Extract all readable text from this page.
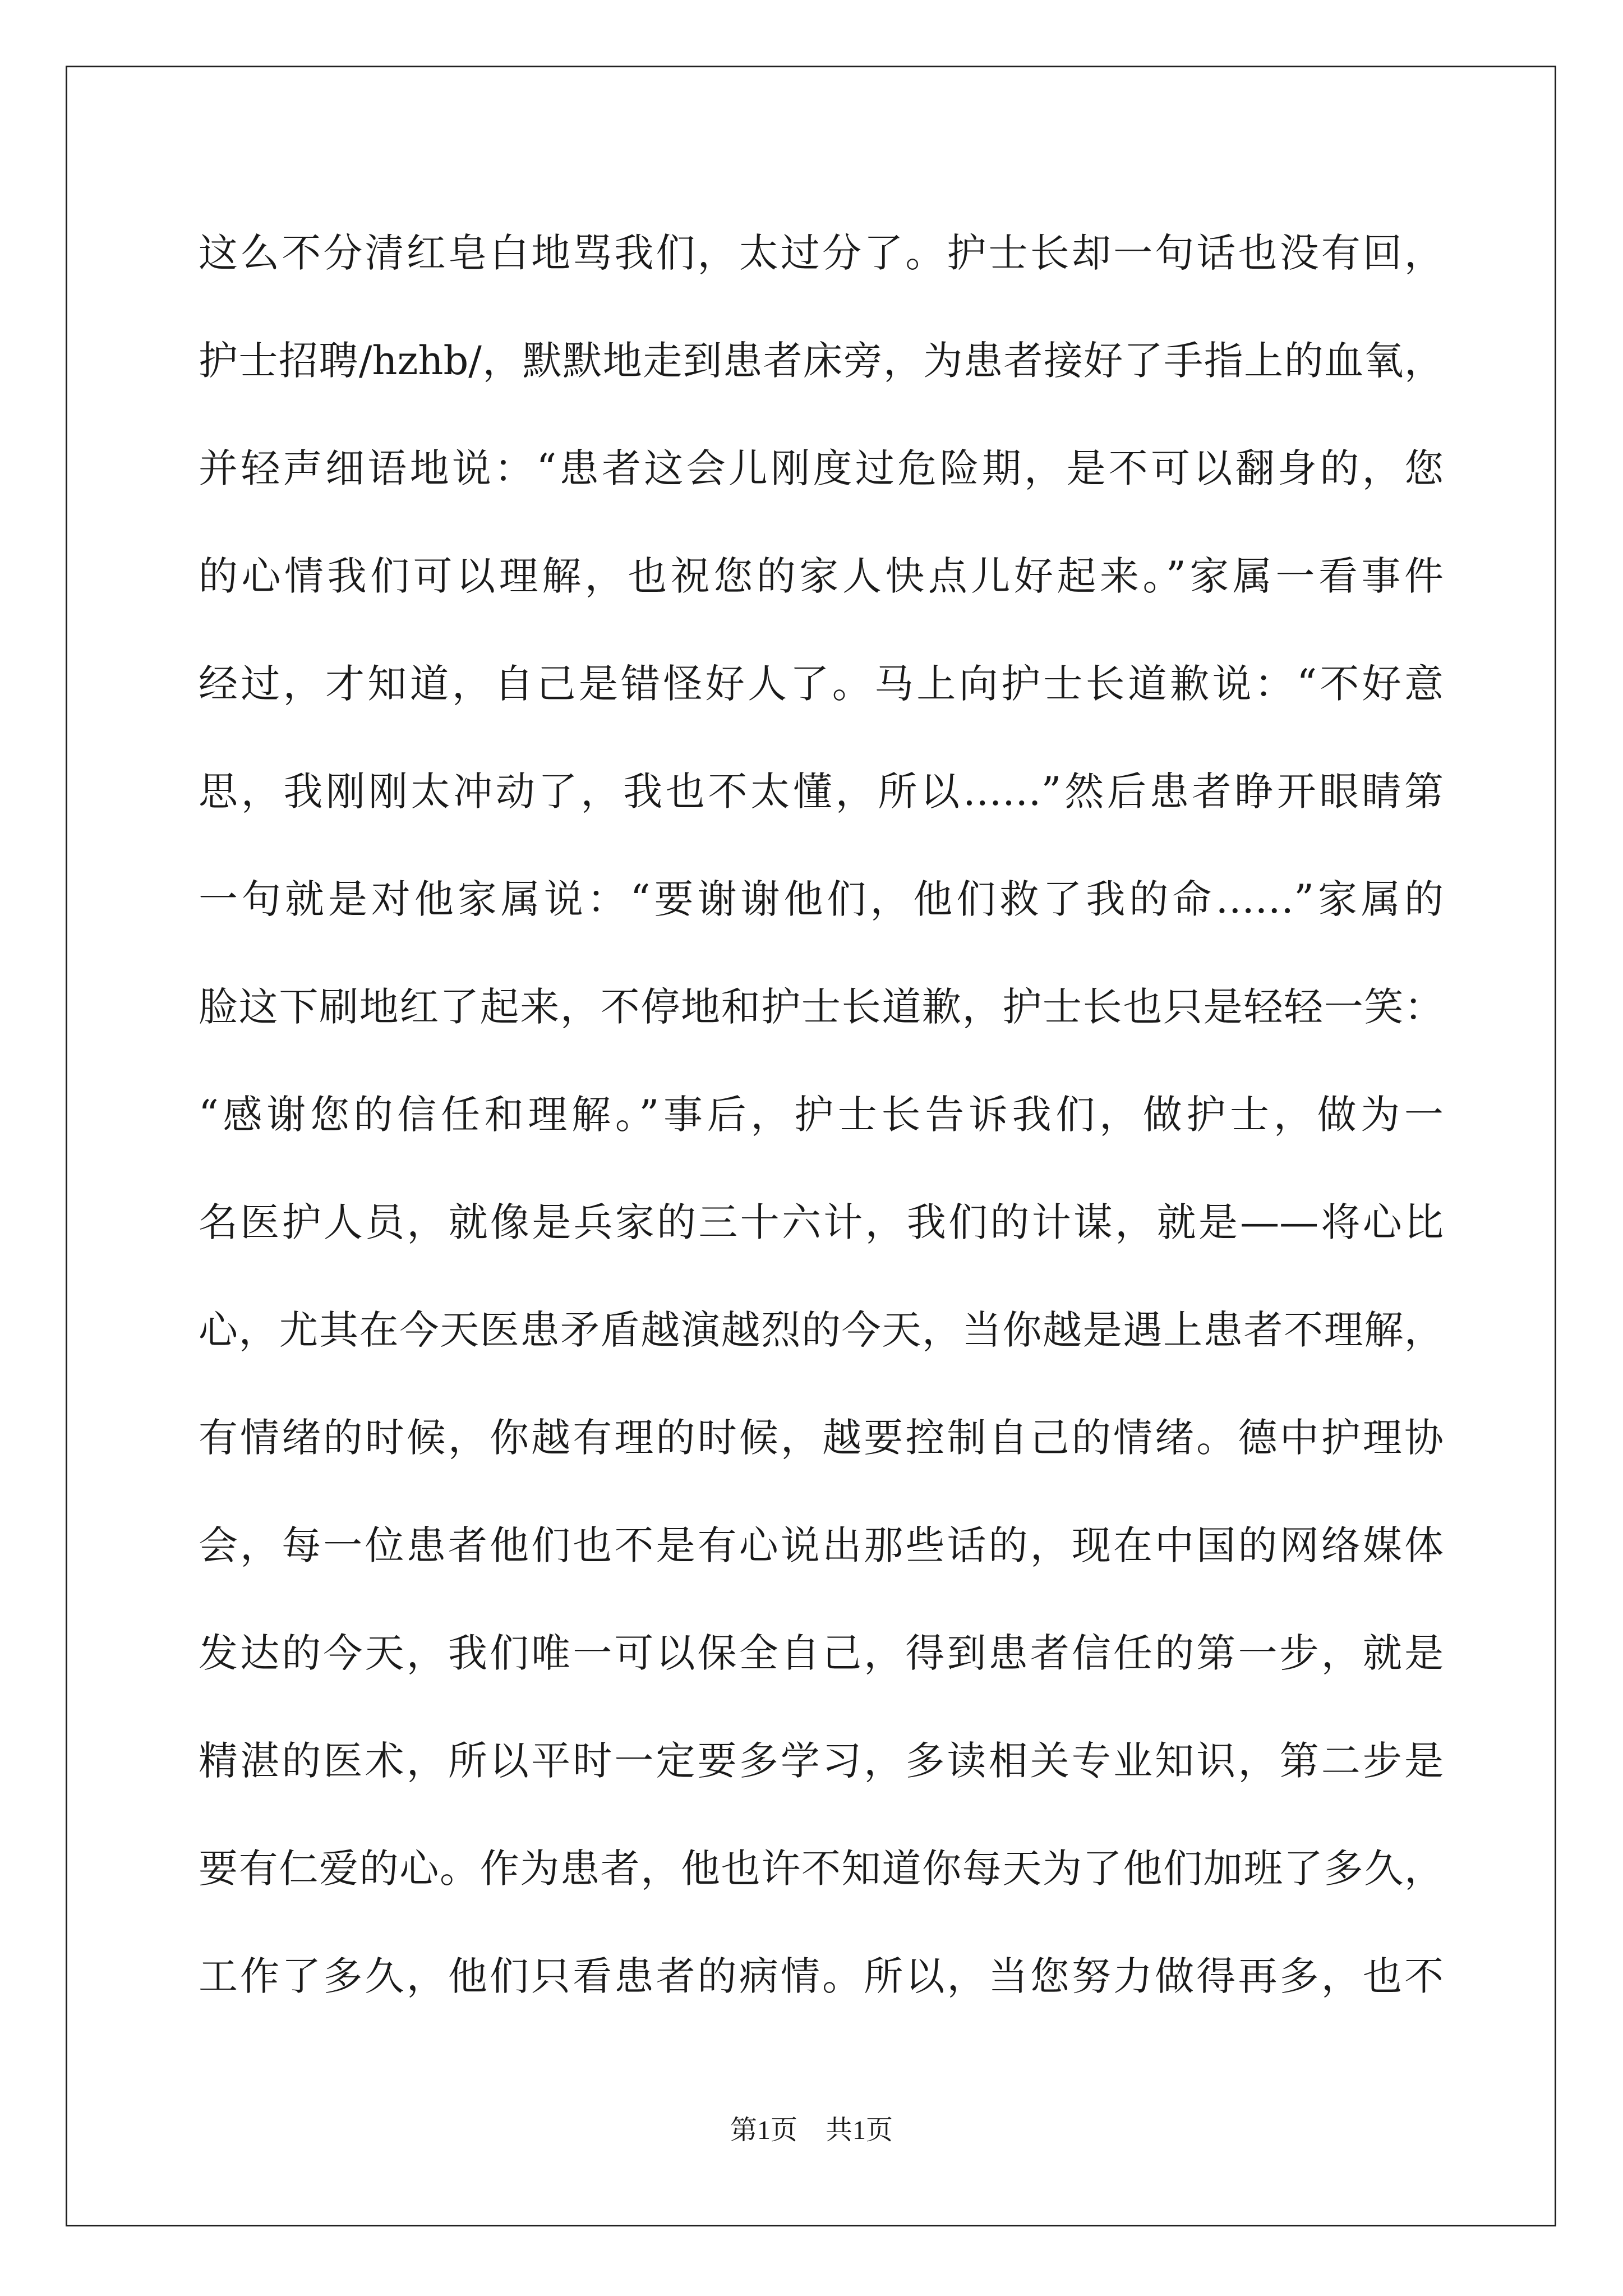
这么不分清红皂白地骂我们，太过分了。护士长却一句话也没有回，
护士招聘/hzhb/，默默地走到患者床旁，为患者接好了手指上的血氧，
并轻声细语地说：“患者这会儿刚度过危险期，是不可以翻身的，您
的心情我们可以理解，也祝您的家人快点儿好起来。”家属一看事件
经过，才知道，自己是错怪好人了。马上向护士长道歉说：“不好意
思，我刚刚太冲动了，我也不太懂，所以……”然后患者睁开眼睛第
一句就是对他家属说：“要谢谢他们，他们救了我的命……”家属的
脸这下刷地红了起来，不停地和护士长道歉，护士长也只是轻轻一笑：
“感谢您的信任和理解。”事后，护士长告诉我们，做护士，做为一
名医护人员，就像是兵家的三十六计，我们的计谋，就是——将心比
心，尤其在今天医患矛盾越演越烈的今天，当你越是遇上患者不理解，
有情绪的时候，你越有理的时候，越要控制自己的情绪。德中护理协
会，每一位患者他们也不是有心说出那些话的，现在中国的网络媒体
发达的今天，我们唯一可以保全自己，得到患者信任的第一步，就是
精湛的医术，所以平时一定要多学习，多读相关专业知识，第二步是
要有仁爱的心。作为患者，他也许不知道你每天为了他们加班了多久，
工作了多久，他们只看患者的病情。所以，当您努力做得再多，也不
第1页 共1页
